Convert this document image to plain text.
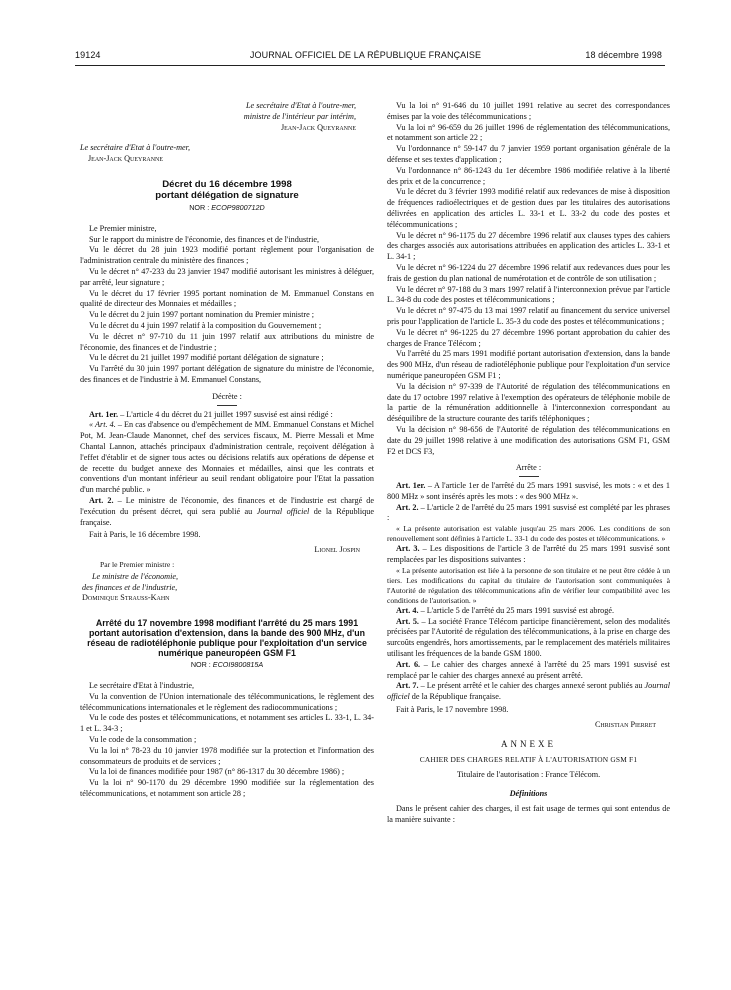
19124	JOURNAL OFFICIEL DE LA RÉPUBLIQUE FRANÇAISE	18 décembre 1998
Le secrétaire d'Etat à l'outre-mer,
ministre de l'intérieur par intérim,
Jean-Jack Queyranne
Le secrétaire d'Etat à l'outre-mer,
Jean-Jack Queyranne
Décret du 16 décembre 1998
portant délégation de signature
NOR : ECOP9800712D

Le Premier ministre,

Sur le rapport du ministre de l'économie, des finances et de l'industrie,

Vu le décret du 28 juin 1923 modifié portant règlement pour l'organisation de l'administration centrale du ministère des finances ;

Vu le décret n° 47-233 du 23 janvier 1947 modifié autorisant les ministres à déléguer, par arrêté, leur signature ;

Vu le décret du 17 février 1995 portant nomination de M. Emmanuel Constans en qualité de directeur des Monnaies et médailles ;

Vu le décret du 2 juin 1997 portant nomination du Premier ministre ;

Vu le décret du 4 juin 1997 relatif à la composition du Gouvernement ;

Vu le décret n° 97-710 du 11 juin 1997 relatif aux attributions du ministre de l'économie, des finances et de l'industrie ;

Vu le décret du 21 juillet 1997 modifié portant délégation de signature ;

Vu l'arrêté du 30 juin 1997 portant délégation de signature du ministre de l'économie, des finances et de l'industrie à M. Emmanuel Constans,

Décrète :

Art. 1er. – L'article 4 du décret du 21 juillet 1997 susvisé est ainsi rédigé :

« Art. 4. – En cas d'absence ou d'empêchement de MM. Emmanuel Constans et Michel Pot, M. Jean-Claude Manonnet, chef des services fiscaux, M. Pierre Messali et Mme Chantal Lannon, attachés principaux d'administration centrale, reçoivent délégation à l'effet d'établir et de signer tous actes ou décisions relatifs aux opérations de dépense et de recette du budget annexe des Monnaies et médailles, ainsi que les contrats et conventions d'un montant inférieur au seuil rendant obligatoire pour l'Etat la passation d'un marché public. »

Art. 2. – Le ministre de l'économie, des finances et de l'industrie est chargé de l'exécution du présent décret, qui sera publié au Journal officiel de la République française.

Fait à Paris, le 16 décembre 1998.

Lionel Jospin
Par le Premier ministre :
Le ministre de l'économie,
des finances et de l'industrie,
Dominique Strauss-Kahn
Arrêté du 17 novembre 1998 modifiant l'arrêté du 25 mars 1991 portant autorisation d'extension, dans la bande des 900 MHz, d'un réseau de radiotéléphonie publique pour l'exploitation d'un service numérique paneuropéen GSM F1
NOR : ECOI9800815A

Le secrétaire d'Etat à l'industrie,

Vu la convention de l'Union internationale des télécommunications, le règlement des télécommunications internationales et le règlement des radiocommunications ;

Vu le code des postes et télécommunications, et notamment ses articles L. 33-1, L. 34-1 et L. 34-3 ;

Vu le code de la consommation ;

Vu la loi n° 78-23 du 10 janvier 1978 modifiée sur la protection et l'information des consommateurs de produits et de services ;

Vu la loi de finances modifiée pour 1987 (n° 86-1317 du 30 décembre 1986) ;

Vu la loi n° 90-1170 du 29 décembre 1990 modifiée sur la réglementation des télécommunications, et notamment son article 28 ;

Vu la loi n° 91-646 du 10 juillet 1991 relative au secret des correspondances émises par la voie des télécommunications ;

Vu la loi n° 96-659 du 26 juillet 1996 de réglementation des télécommunications, et notamment son article 22 ;

Vu l'ordonnance n° 59-147 du 7 janvier 1959 portant organisation générale de la défense et ses textes d'application ;

Vu l'ordonnance n° 86-1243 du 1er décembre 1986 modifiée relative à la liberté des prix et de la concurrence ;

Vu le décret du 3 février 1993 modifié relatif aux redevances de mise à disposition de fréquences radioélectriques et de gestion dues par les titulaires des autorisations délivrées en application des articles L. 33-1 et L. 33-2 du code des postes et télécommunications ;

Vu le décret n° 96-1175 du 27 décembre 1996 relatif aux clauses types des cahiers des charges associés aux autorisations attribuées en application des articles L. 33-1 et L. 34-1 ;

Vu le décret n° 96-1224 du 27 décembre 1996 relatif aux redevances dues pour les frais de gestion du plan national de numérotation et de contrôle de son utilisation ;

Vu le décret n° 97-188 du 3 mars 1997 relatif à l'interconnexion prévue par l'article L. 34-8 du code des postes et télécommunications ;

Vu le décret n° 97-475 du 13 mai 1997 relatif au financement du service universel pris pour l'application de l'article L. 35-3 du code des postes et télécommunications ;

Vu le décret n° 96-1225 du 27 décembre 1996 portant approbation du cahier des charges de France Télécom ;

Vu l'arrêté du 25 mars 1991 modifié portant autorisation d'extension, dans la bande des 900 MHz, d'un réseau de radiotéléphonie publique pour l'exploitation d'un service numérique paneuropéen GSM F1 ;

Vu la décision n° 97-339 de l'Autorité de régulation des télécommunications en date du 17 octobre 1997 relative à l'exemption des opérateurs de téléphonie mobile de la partie de la rémunération additionnelle à l'interconnexion correspondant au déséquilibre de la structure courante des tarifs téléphoniques ;

Vu la décision n° 98-656 de l'Autorité de régulation des télécommunications en date du 29 juillet 1998 relative à une modification des autorisations GSM F1, GSM F2 et DCS F3,

Arrête :

Art. 1er. – A l'article 1er de l'arrêté du 25 mars 1991 susvisé, les mots : « et des 1 800 MHz » sont insérés après les mots : « des 900 MHz ».

Art. 2. – L'article 2 de l'arrêté du 25 mars 1991 susvisé est complété par les phrases :

« La présente autorisation est valable jusqu'au 25 mars 2006. Les conditions de son renouvellement sont définies à l'article L. 33-1 du code des postes et télécommunications. »

Art. 3. – Les dispositions de l'article 3 de l'arrêté du 25 mars 1991 susvisé sont remplacées par les dispositions suivantes :

« La présente autorisation est liée à la personne de son titulaire et ne peut être cédée à un tiers. Les modifications du capital du titulaire de l'autorisation sont communiquées à l'Autorité de régulation des télécommunications afin de vérifier leur compatibilité avec les conditions de l'autorisation. »

Art. 4. – L'article 5 de l'arrêté du 25 mars 1991 susvisé est abrogé.

Art. 5. – La société France Télécom participe financièrement, selon des modalités précisées par l'Autorité de régulation des télécommunications, à la prise en charge des surcoûts engendrés, hors amortissements, par le remplacement des matériels militaires utilisant les fréquences de la bande GSM 1800.

Art. 6. – Le cahier des charges annexé à l'arrêté du 25 mars 1991 susvisé est remplacé par le cahier des charges annexé au présent arrêté.

Art. 7. – Le présent arrêté et le cahier des charges annexé seront publiés au Journal officiel de la République française.

Fait à Paris, le 17 novembre 1998.

Christian Pierret
ANNEXE
CAHIER DES CHARGES RELATIF À L'AUTORISATION GSM F1
Titulaire de l'autorisation : France Télécom.
Définitions

Dans le présent cahier des charges, il est fait usage de termes qui sont entendus de la manière suivante :
